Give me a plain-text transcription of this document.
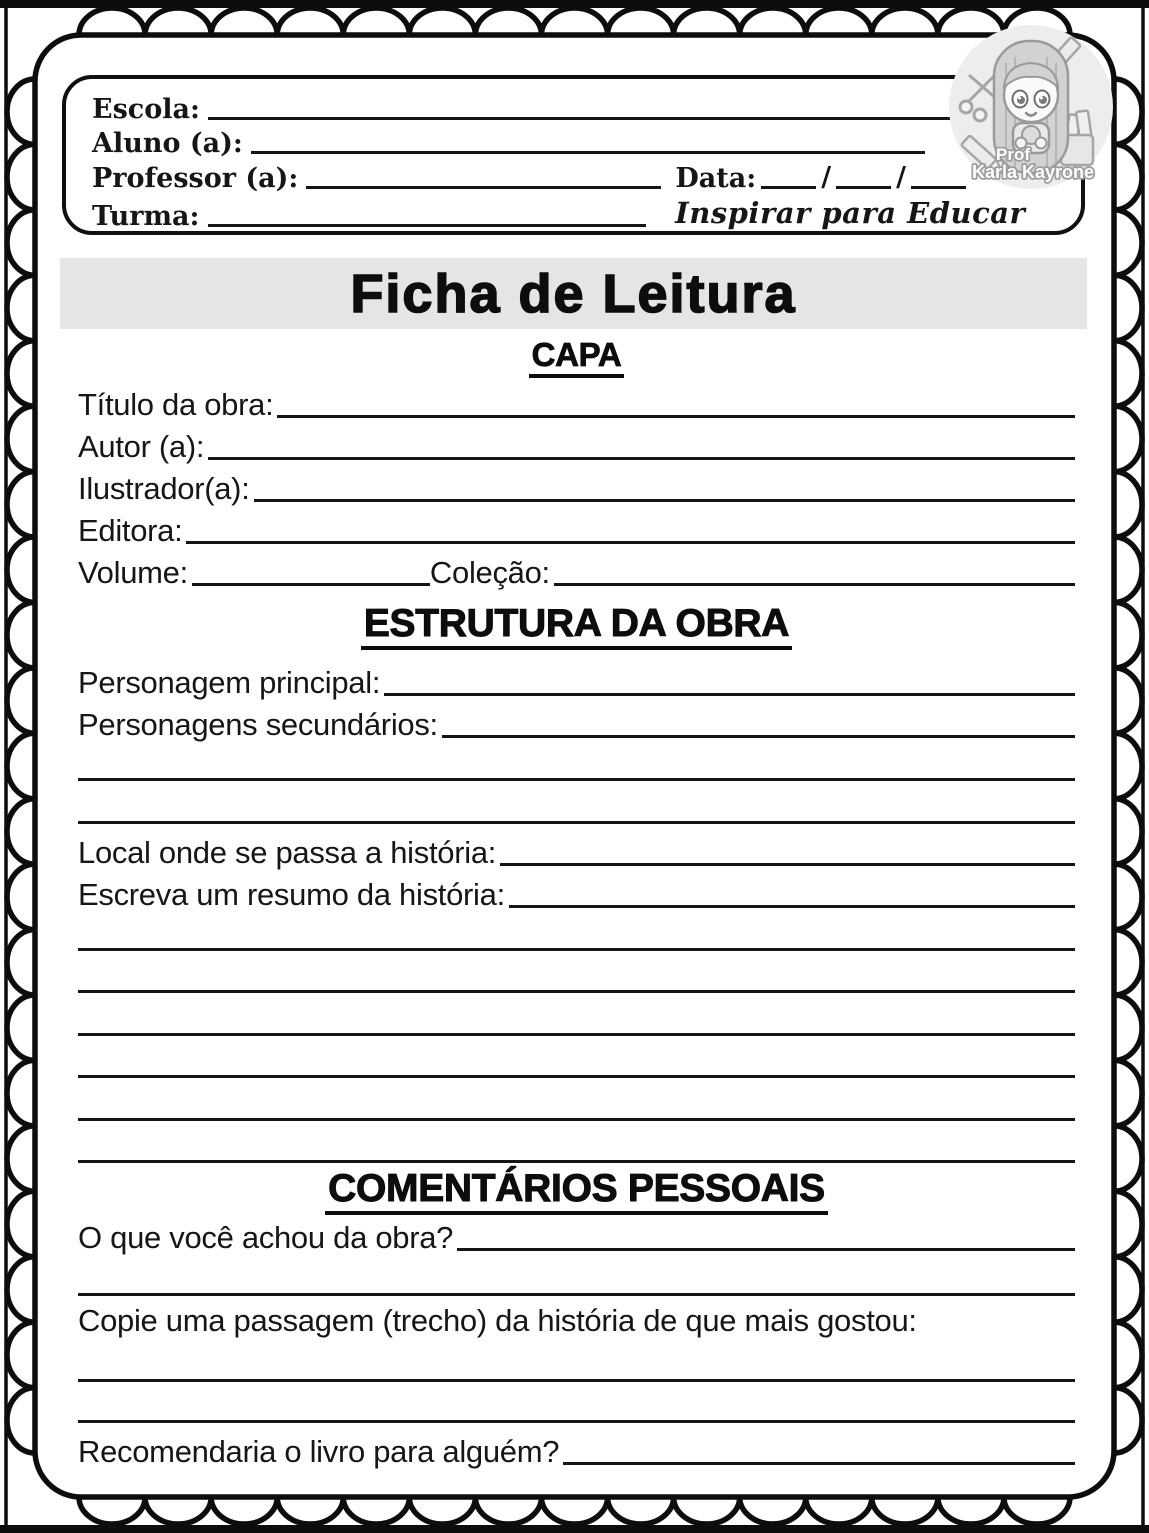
Escola:
Aluno (a):
Professor (a):	Data: / /
Turma:	Inspirar para Educar
Prof
Karla Kayrone
Ficha de Leitura
CAPA
Título da obra:
Autor (a):
Ilustrador(a):
Editora:
Volume:	Coleção:
ESTRUTURA DA OBRA
Personagem principal:
Personagens secundários:
Local onde se passa a história:
Escreva um resumo da história:
COMENTÁRIOS PESSOAIS
O que você achou da obra?
Copie uma passagem (trecho) da história de que mais gostou:
Recomendaria o livro para alguém?
